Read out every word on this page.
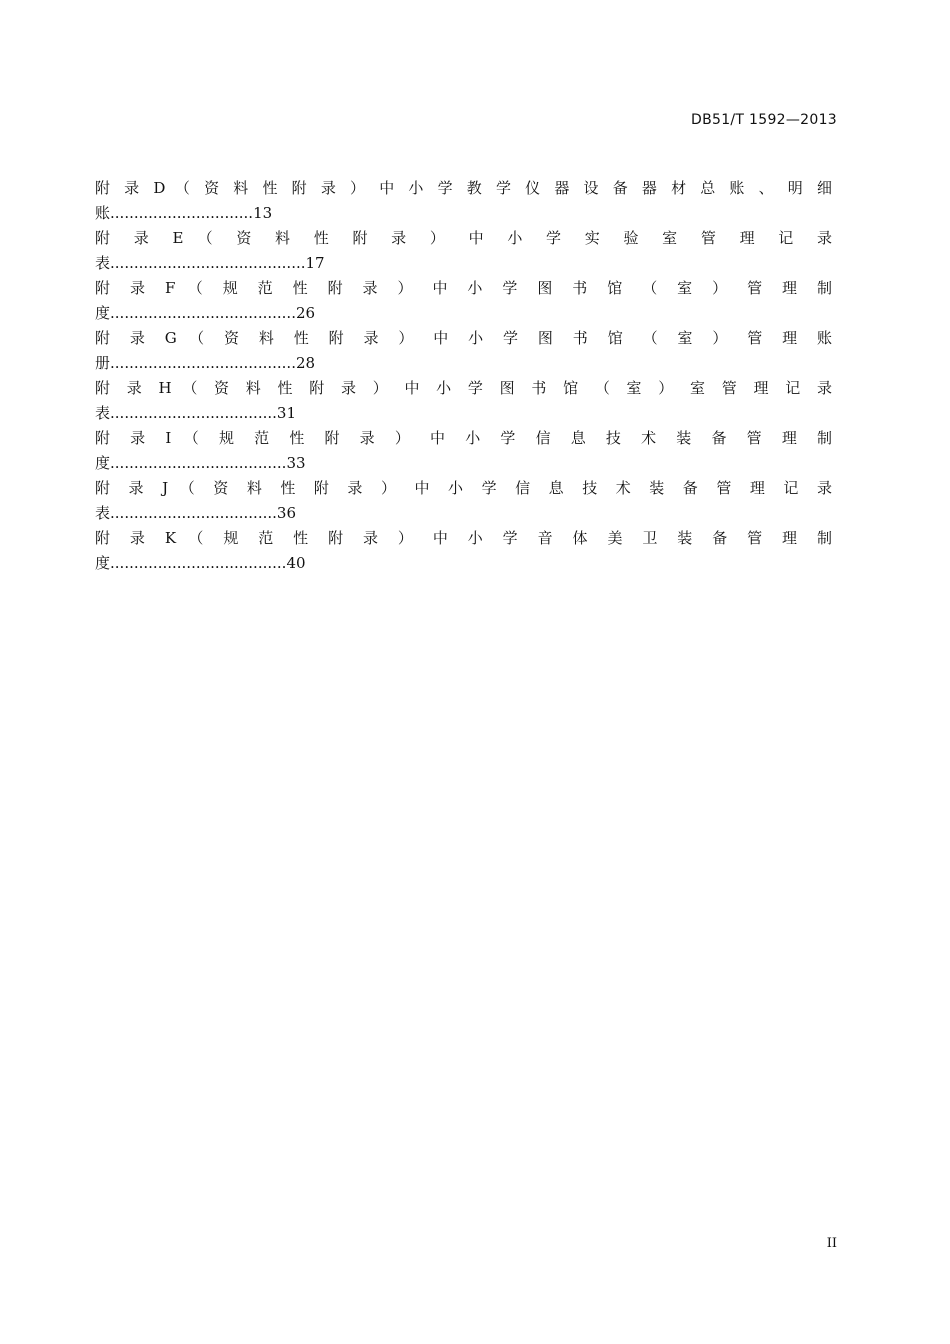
DB51/T 1592—2013
附 录 D （ 资 料 性 附 录 ） 中 小 学 教 学 仪 器 设 备 器 材 总 账 、 明 细
账..............................13
附 录 E （ 资 料 性 附 录 ） 中 小 学 实 验 室 管 理 记 录
表.........................................17
附 录 F （ 规 范 性 附 录 ） 中 小 学 图 书 馆 （ 室 ） 管 理 制
度.......................................26
附 录 G （ 资 料 性 附 录 ） 中 小 学 图 书 馆 （ 室 ） 管 理 账
册.......................................28
附 录 H （ 资 料 性 附 录 ） 中 小 学 图 书 馆 （ 室 ） 室 管 理 记 录
表...................................31
附 录 I （ 规 范 性 附 录 ） 中 小 学 信 息 技 术 装 备 管 理 制
度.....................................33
附 录 J （ 资 料 性 附 录 ） 中 小 学 信 息 技 术 装 备 管 理 记 录
表...................................36
附 录 K （ 规 范 性 附 录 ） 中 小 学 音 体 美 卫 装 备 管 理 制
度.....................................40
II
